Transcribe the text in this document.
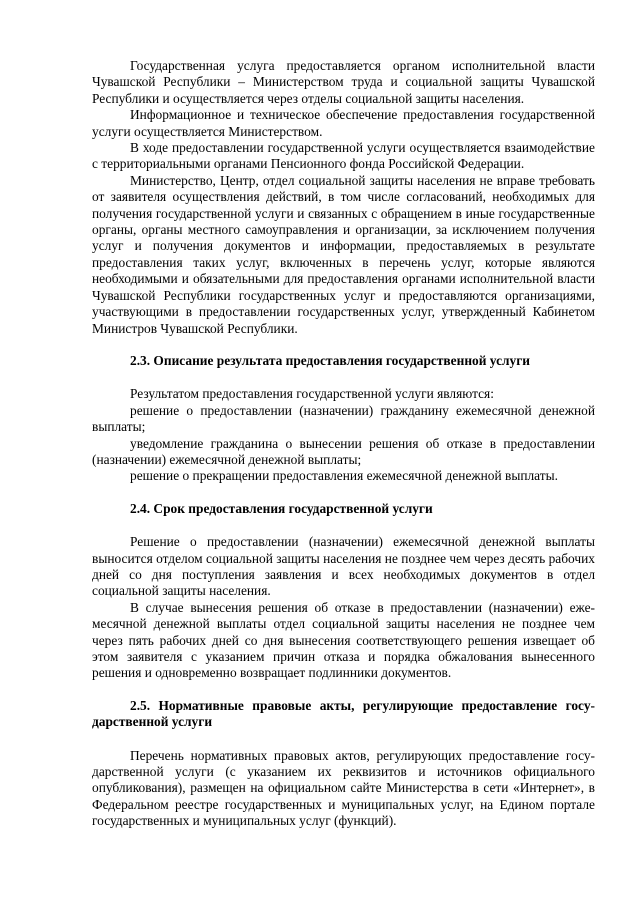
Государственная услуга предоставляется органом исполнительной власти Чувашской Республики – Министерством труда и социальной защиты Чувашской Республики и осуществляется через отделы социальной защиты населения.

Информационное и техническое обеспечение предоставления государственной услуги осуществляется Министерством.

В ходе предоставлении государственной услуги осуществляется взаимодействие с территориальными органами Пенсионного фонда Российской Федерации.

Министерство, Центр, отдел социальной защиты населения не вправе требовать от заявителя осуществления действий, в том числе согласований, необходимых для получения государственной услуги и связанных с обращением в иные государственные органы, органы местного самоуправления и организации, за исключением получения услуг и получения документов и информации, предоставляемых в результате предоставления таких услуг, включенных в перечень услуг, которые являются необходимыми и обязательными для предоставления органами исполнительной власти Чувашской Республики государственных услуг и предоставляются организациями, участвующими в предоставлении государственных услуг, утвержденный Кабинетом Министров Чувашской Республики.

2.3. Описание результата предоставления государственной услуги

Результатом предоставления государственной услуги являются:

решение о предоставлении (назначении) гражданину ежемесячной денежной выплаты;

уведомление гражданина о вынесении решения об отказе в предоставлении (назначении) ежемесячной денежной выплаты;

решение о прекращении предоставления ежемесячной денежной выплаты.

2.4. Срок предоставления государственной услуги

Решение о предоставлении (назначении) ежемесячной денежной выплаты выносится отделом социальной защиты населения не позднее чем через десять рабочих дней со дня поступления заявления и всех необходимых документов в отдел социальной защиты населения.

В случае вынесения решения об отказе в предоставлении (назначении) ежемесячной денежной выплаты отдел социальной защиты населения не позднее чем через пять рабочих дней со дня вынесения соответствующего решения извещает об этом заявителя с указанием причин отказа и порядка обжалования вынесенного решения и одновременно возвращает подлинники документов.

2.5. Нормативные правовые акты, регулирующие предоставление государственной услуги

Перечень нормативных правовых актов, регулирующих предоставление государственной услуги (с указанием их реквизитов и источников официального опубликования), размещен на официальном сайте Министерства в сети «Интернет», в Федеральном реестре государственных и муниципальных услуг, на Едином портале государственных и муниципальных услуг (функций).
